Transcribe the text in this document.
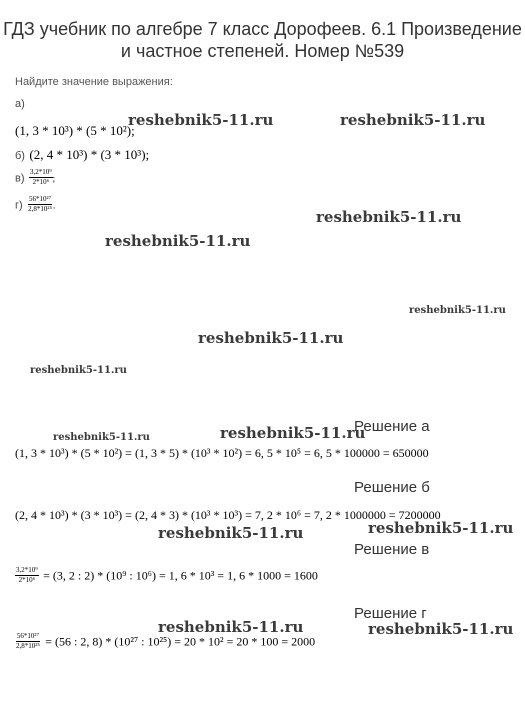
ГДЗ учебник по алгебре 7 класс Дорофеев. 6.1 Произведение и частное степеней. Номер №539
Найдите значение выражения:
а)
(1, 3 * 10³) * (5 * 10²);
б) (2, 4 * 10³) * (3 * 10³);
$в) \frac{\text{3,2*10⁹}}{\text{2*10⁶}}$ ;
$г) \frac{\text{56*10²⁷}}{\text{2,8*10²⁵}}$ .
Решение а
(1, 3 * 10³) * (5 * 10²) = (1, 3 * 5) * (10³ * 10²) = 6, 5 * 10⁵ = 6, 5 * 100000 = 650000
Решение б
(2, 4 * 10³) * (3 * 10³) = (2, 4 * 3) * (10³ * 10³) = 7, 2 * 10⁶ = 7, 2 * 1000000 = 7200000
Решение в
$\frac{\text{3,2*10⁹}}{\text{2*10⁶}} = (3$, 2 : 2) * (10⁹ : 10⁶) = 1, 6 * 10³ = 1, 6 * 1000 = 1600
Решение г
$\frac{\text{56*10²⁷}}{\text{2,8*10²⁵}} = (56$ : 2, 8) * (10²⁷ : 10²⁵) = 20 * 10² = 20 * 100 = 2000
reshebnik5-11.ru	reshebnik5-11.ru
reshebnik5-11.ru
reshebnik5-11.ru
reshebnik5-11.ru
reshebnik5-11.ru
reshebnik5-11.ru
reshebnik5-11.ru	reshebnik5-11.ru
reshebnik5-11.ru
reshebnik5-11.ru
reshebnik5-11.ru	reshebnik5-11.ru
